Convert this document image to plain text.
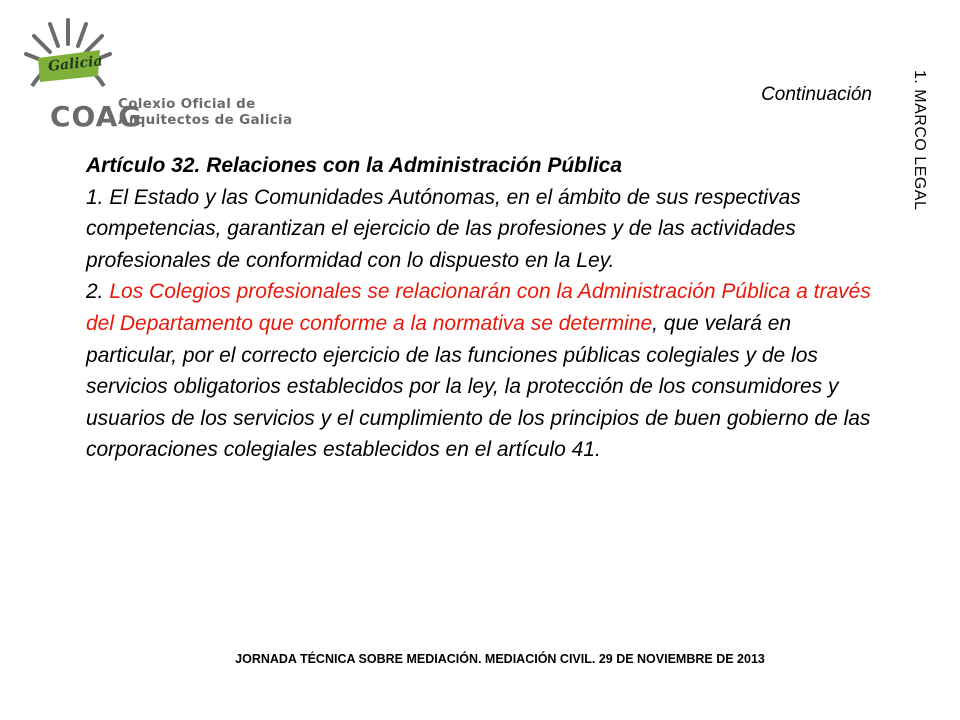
Galicia
COAG
Colexio Oficial de
Arquitectos de Galicia
Continuación 1. MARCO LEGAL
Artículo 32. Relaciones con la Administración Pública
1. El Estado y las Comunidades Autónomas, en el ámbito de sus respectivas competencias, garantizan el ejercicio de las profesiones y de las actividades profesionales de conformidad con lo dispuesto en la Ley.
2. Los Colegios profesionales se relacionarán con la Administración Pública a través del Departamento que conforme a la normativa se determine, que velará en particular, por el correcto ejercicio de las funciones públicas colegiales y de los servicios obligatorios establecidos por la ley, la protección de los consumidores y usuarios de los servicios y el cumplimiento de los principios de buen gobierno de las corporaciones colegiales establecidos en el artículo 41.
JORNADA TÉCNICA SOBRE MEDIACIÓN. MEDIACIÓN CIVIL. 29 DE NOVIEMBRE DE 2013
